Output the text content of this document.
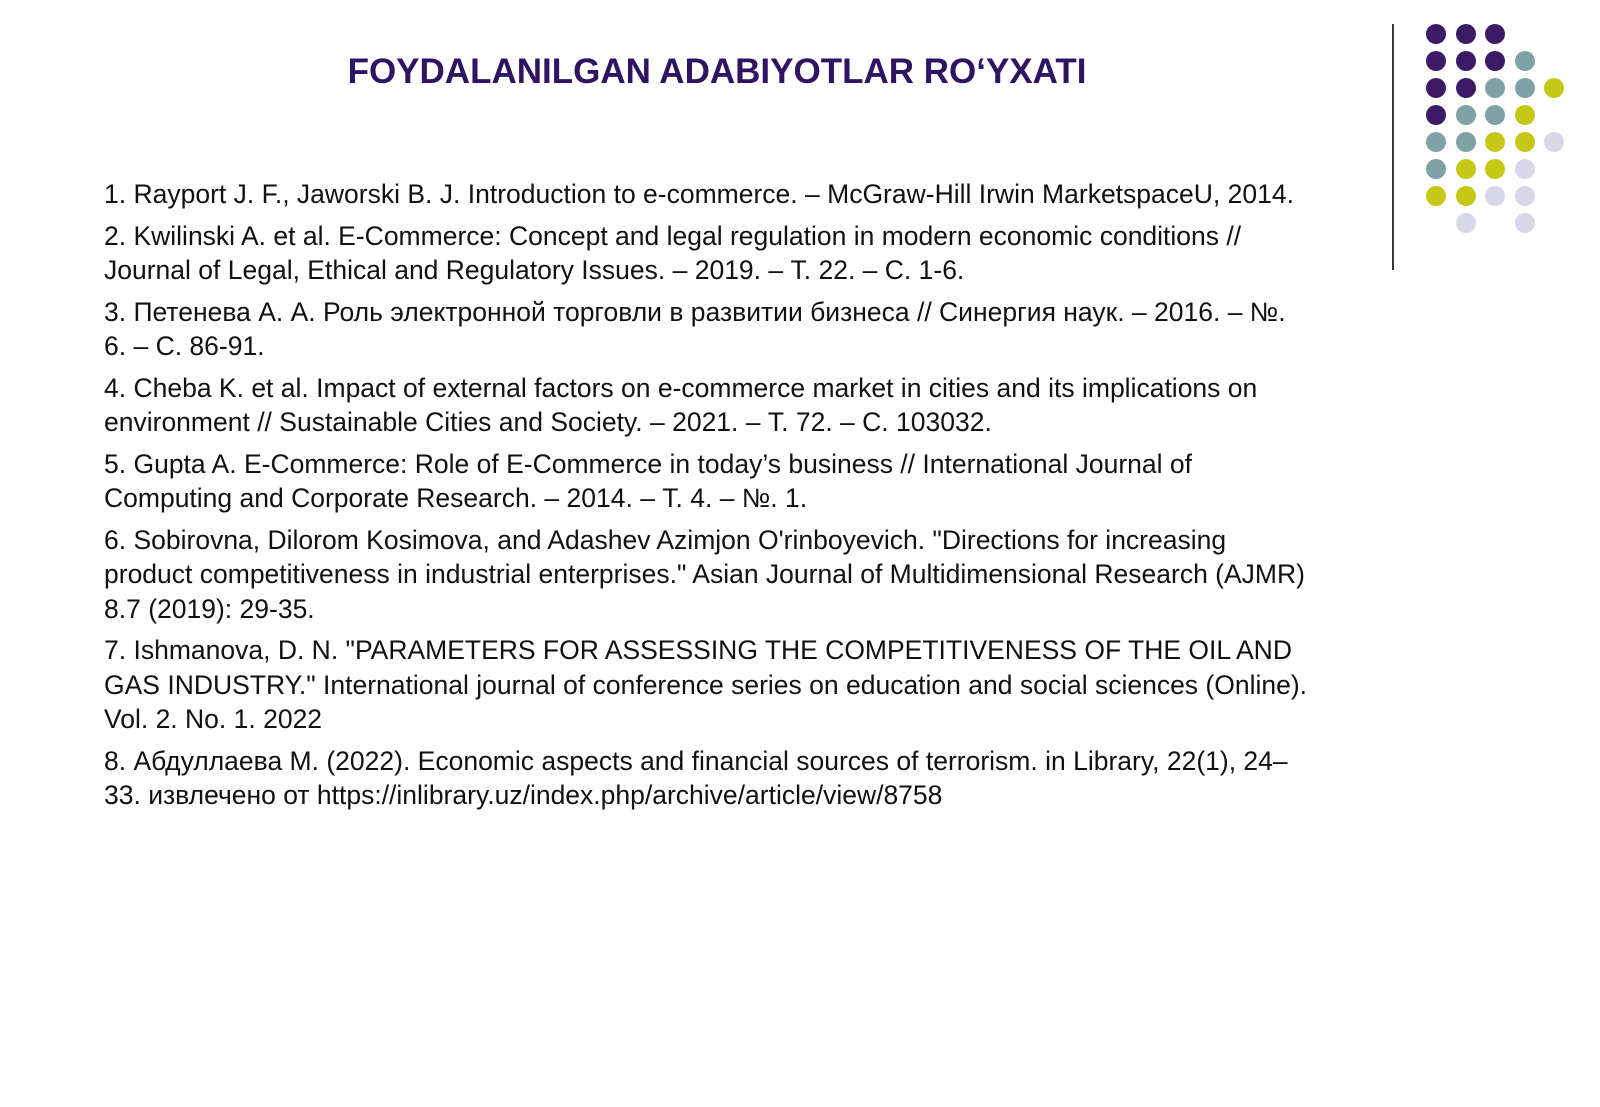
FOYDALANILGAN ADABIYOTLAR RO‘YXATI
1. Rayport J. F., Jaworski B. J. Introduction to e-commerce. – McGraw-Hill Irwin MarketspaceU, 2014.
2. Kwilinski A. et al. E-Commerce: Concept and legal regulation in modern economic conditions //
Journal of Legal, Ethical and Regulatory Issues. – 2019. – Т. 22. – С. 1-6.
3. Петенева А. А. Роль электронной торговли в развитии бизнеса // Синергия наук. – 2016. – №.
6. – С. 86-91.
4. Cheba K. et al. Impact of external factors on e-commerce market in cities and its implications on
environment // Sustainable Cities and Society. – 2021. – Т. 72. – С. 103032.
5. Gupta A. E-Commerce: Role of E-Commerce in today’s business // International Journal of
Computing and Corporate Research. – 2014. – Т. 4. – №. 1.
6. Sobirovna, Dilorom Kosimova, and Adashev Azimjon O'rinboyevich. "Directions for increasing
product competitiveness in industrial enterprises." Asian Journal of Multidimensional Research (AJMR)
8.7 (2019): 29-35.
7. Ishmanova, D. N. "PARAMETERS FOR ASSESSING THE COMPETITIVENESS OF THE OIL AND
GAS INDUSTRY." International journal of conference series on education and social sciences (Online).
Vol. 2. No. 1. 2022
8. Абдуллаева М. (2022). Economic aspects and financial sources of terrorism. in Library, 22(1), 24–
33. извлечено от https://inlibrary.uz/index.php/archive/article/view/8758
